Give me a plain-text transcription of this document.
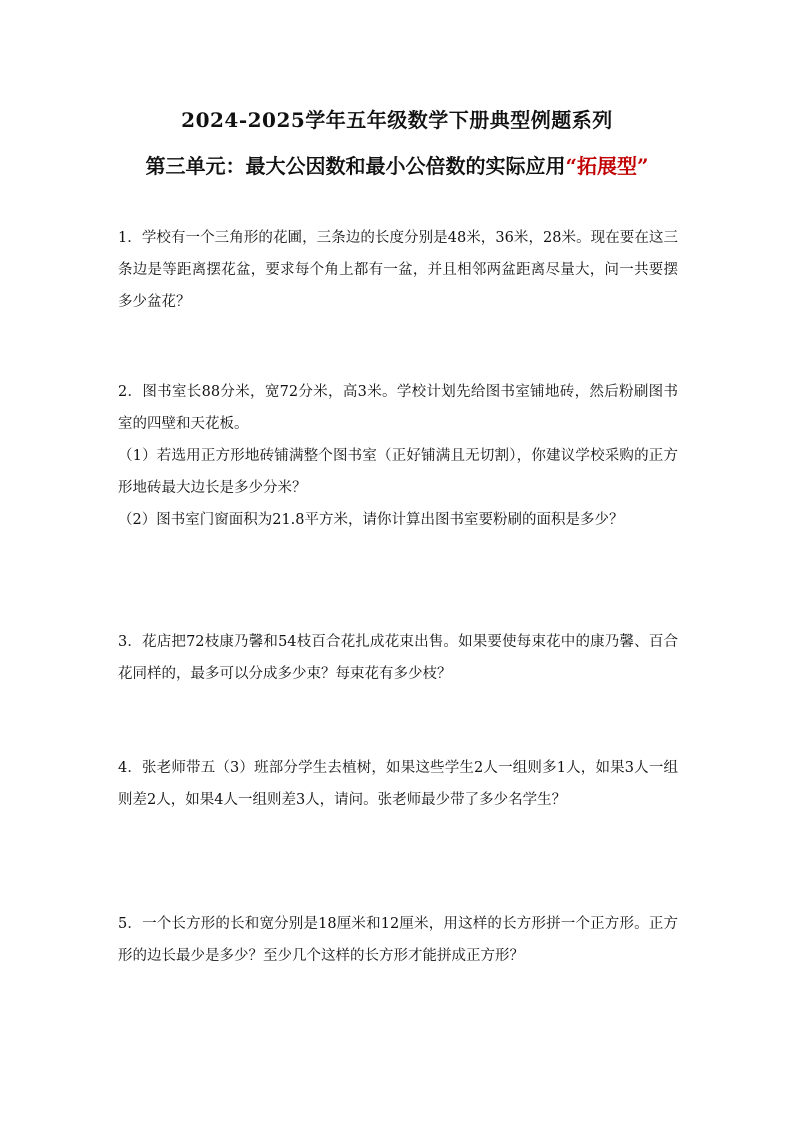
2024-2025学年五年级数学下册典型例题系列
第三单元：最大公因数和最小公倍数的实际应用“拓展型”

1．学校有一个三角形的花圃，三条边的长度分别是48米，36米，28米。现在要在这三条边是等距离摆花盆，要求每个角上都有一盆，并且相邻两盆距离尽量大，问一共要摆多少盆花？

2．图书室长88分米，宽72分米，高3米。学校计划先给图书室铺地砖，然后粉刷图书室的四壁和天花板。

（1）若选用正方形地砖铺满整个图书室（正好铺满且无切割），你建议学校采购的正方形地砖最大边长是多少分米？

（2）图书室门窗面积为21.8平方米，请你计算出图书室要粉刷的面积是多少？

3．花店把72枝康乃馨和54枝百合花扎成花束出售。如果要使每束花中的康乃馨、百合花同样的，最多可以分成多少束？每束花有多少枝？

4．张老师带五（3）班部分学生去植树，如果这些学生2人一组则多1人，如果3人一组则差2人，如果4人一组则差3人，请问。张老师最少带了多少名学生？

5．一个长方形的长和宽分别是18厘米和12厘米，用这样的长方形拼一个正方形。正方形的边长最少是多少？至少几个这样的长方形才能拼成正方形？
